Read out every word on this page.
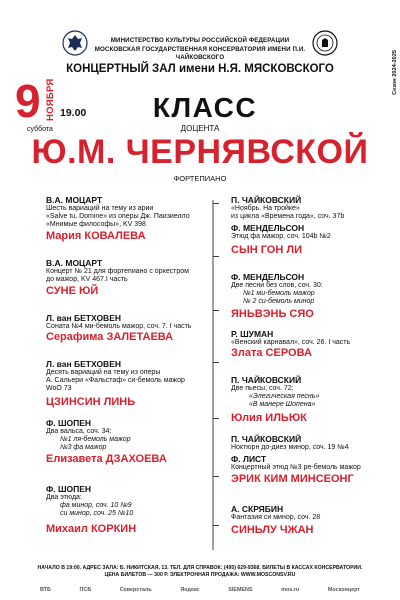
МИНИСТЕРСТВО КУЛЬТУРЫ РОССИЙСКОЙ ФЕДЕРАЦИИ
МОСКОВСКАЯ ГОСУДАРСТВЕННАЯ КОНСЕРВАТОРИЯ ИМЕНИ П.И. ЧАЙКОВСКОГО
КОНЦЕРТНЫЙ ЗАЛ имени Н.Я. МЯСКОВСКОГО	Сезон 2024-2025
9 НОЯБРЯ 19.00
суббота
КЛАСС
ДОЦЕНТА
Ю.М. ЧЕРНЯВСКОЙ
ФОРТЕПИАНО
В.А. МОЦАРТ
Шесть вариаций на тему из арии
«Salve tu, Domine» из оперы Дж. Паизиелло
«Мнимые философы», KV 398
Мария КОВАЛЕВА
В.А. МОЦАРТ
Концерт № 21 для фортепиано с оркестром
до мажор, KV 467.I часть
СУНЕ ЮЙ
Л. ван БЕТХОВЕН
Соната №4 ми-бемоль мажор, соч. 7. I часть
Серафима ЗАЛЕТАЕВА
Л. ван БЕТХОВЕН
Десять вариаций на тему из оперы
А. Сальери «Фальстаф» си-бемоль мажор
WoO 73
ЦЗИНСИН ЛИНЬ
Ф. ШОПЕН
Два вальса, соч. 34:
№1 ля-бемоль мажор
№3 фа мажор
Елизавета ДЗАХОЕВА
Ф. ШОПЕН
Два этюда:
фа минор, соч. 10 №9
си минор, соч. 25 №10
Михаил КОРКИН
П. ЧАЙКОВСКИЙ
«Ноябрь. На тройке»
из цикла «Времена года», соч. 37b
Ф. МЕНДЕЛЬСОН
Этюд фа мажор, соч. 104b №2
СЫН ГОН ЛИ
Ф. МЕНДЕЛЬСОН
Две песни без слов, соч. 30:
№1 ми-бемоль мажор
№ 2 си-бемоль минор
ЯНЬВЭНЬ СЯО
Р. ШУМАН
«Венский карнавал», соч. 26. I часть
Злата СЕРОВА
П. ЧАЙКОВСКИЙ
Две пьесы, соч. 72:
«Элегическая песнь»
«В манере Шопена»
Юлия ИЛЬЮК
П. ЧАЙКОВСКИЙ
Ноктюрн до-диез минор, соч. 19 №4
Ф. ЛИСТ
Концертный этюд №3 ре-бемоль мажор
ЭРИК КИМ МИНСЕОНГ
А. СКРЯБИН
Фантазия си минор, соч. 28
СИНЬЛУ ЧЖАН
НАЧАЛО В 19:00. АДРЕС ЗАЛА: Б. НИКИТСКАЯ, 13. ТЕЛ. ДЛЯ СПРАВОК: (495) 629-9368. БИЛЕТЫ В КАССАХ КОНСЕРВАТОРИИ.
ЦЕНА БИЛЕТОВ — 300 Р. ЭЛЕКТРОННАЯ ПРОДАЖА: WWW.MOSCONSV.RU
ВТБ	ПСБ	Северсталь	Яндекс	SIEMENS	mos.ru	Москонцерт
